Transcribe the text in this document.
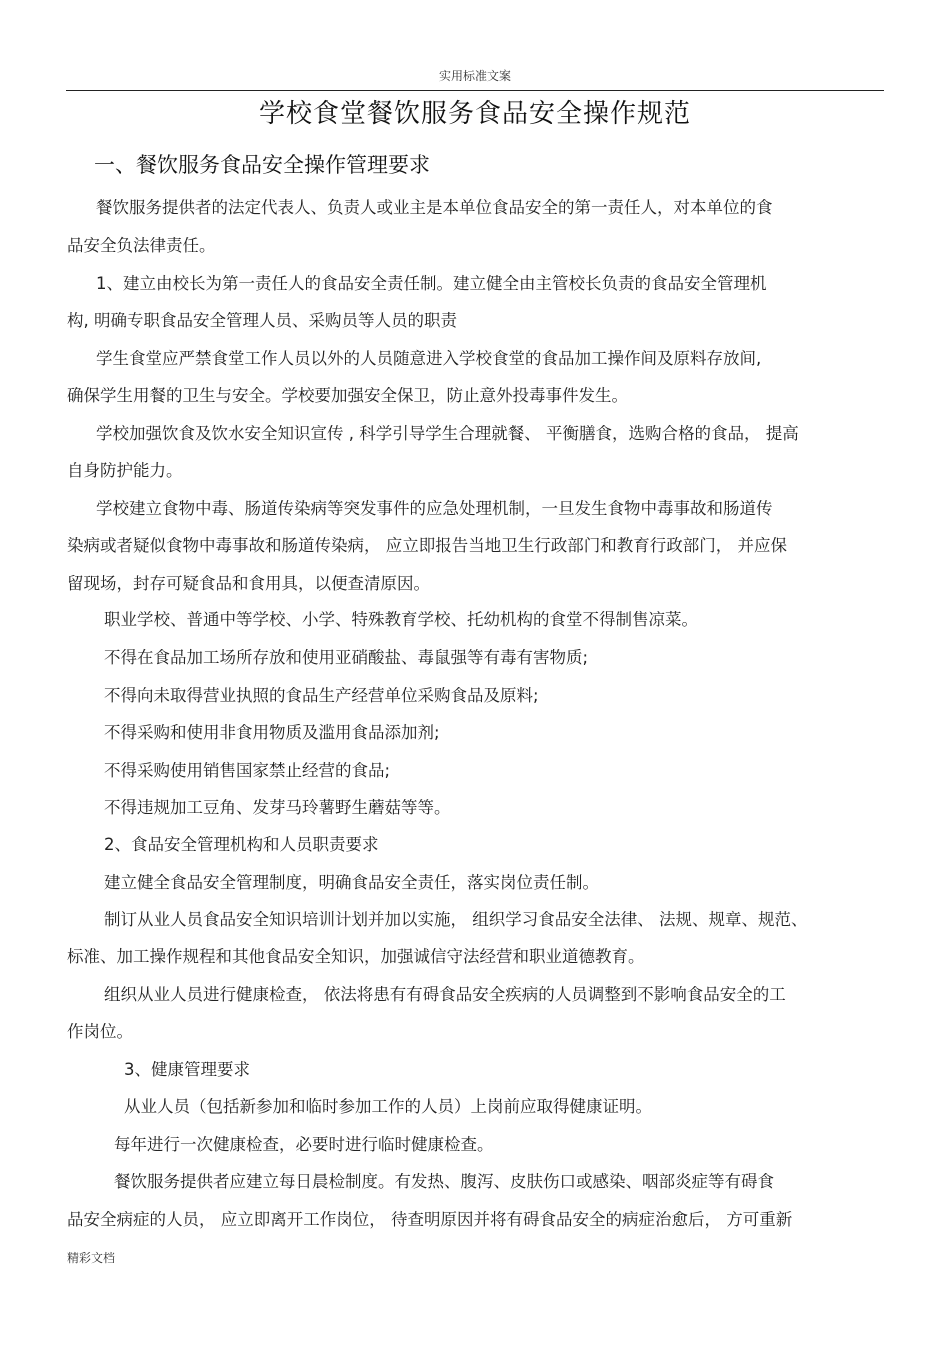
实用标准文案
学校食堂餐饮服务食品安全操作规范
一、餐饮服务食品安全操作管理要求
餐饮服务提供者的法定代表人、负责人或业主是本单位食品安全的第一责任人，对本单位的食
品安全负法律责任。
1、建立由校长为第一责任人的食品安全责任制。建立健全由主管校长负责的食品安全管理机
构, 明确专职食品安全管理人员、采购员等人员的职责
学生食堂应严禁食堂工作人员以外的人员随意进入学校食堂的食品加工操作间及原料存放间,
确保学生用餐的卫生与安全。学校要加强安全保卫，防止意外投毒事件发生。
学校加强饮食及饮水安全知识宣传 , 科学引导学生合理就餐、 平衡膳食，选购合格的食品， 提高
自身防护能力。
学校建立食物中毒、肠道传染病等突发事件的应急处理机制，一旦发生食物中毒事故和肠道传
染病或者疑似食物中毒事故和肠道传染病， 应立即报告当地卫生行政部门和教育行政部门， 并应保
留现场，封存可疑食品和食用具，以便查清原因。
职业学校、普通中等学校、小学、特殊教育学校、托幼机构的食堂不得制售凉菜。
不得在食品加工场所存放和使用亚硝酸盐、毒鼠强等有毒有害物质;
不得向未取得营业执照的食品生产经营单位采购食品及原料;
不得采购和使用非食用物质及滥用食品添加剂;
不得采购使用销售国家禁止经营的食品;
不得违规加工豆角、发芽马玲薯野生蘑菇等等。
2、食品安全管理机构和人员职责要求
建立健全食品安全管理制度，明确食品安全责任，落实岗位责任制。
制订从业人员食品安全知识培训计划并加以实施， 组织学习食品安全法律、 法规、规章、规范、
标准、加工操作规程和其他食品安全知识，加强诚信守法经营和职业道德教育。
组织从业人员进行健康检查， 依法将患有有碍食品安全疾病的人员调整到不影响食品安全的工
作岗位。
3、健康管理要求
从业人员（包括新参加和临时参加工作的人员）上岗前应取得健康证明。
每年进行一次健康检查，必要时进行临时健康检查。
餐饮服务提供者应建立每日晨检制度。有发热、腹泻、皮肤伤口或感染、咽部炎症等有碍食
品安全病症的人员， 应立即离开工作岗位， 待查明原因并将有碍食品安全的病症治愈后， 方可重新
精彩文档
